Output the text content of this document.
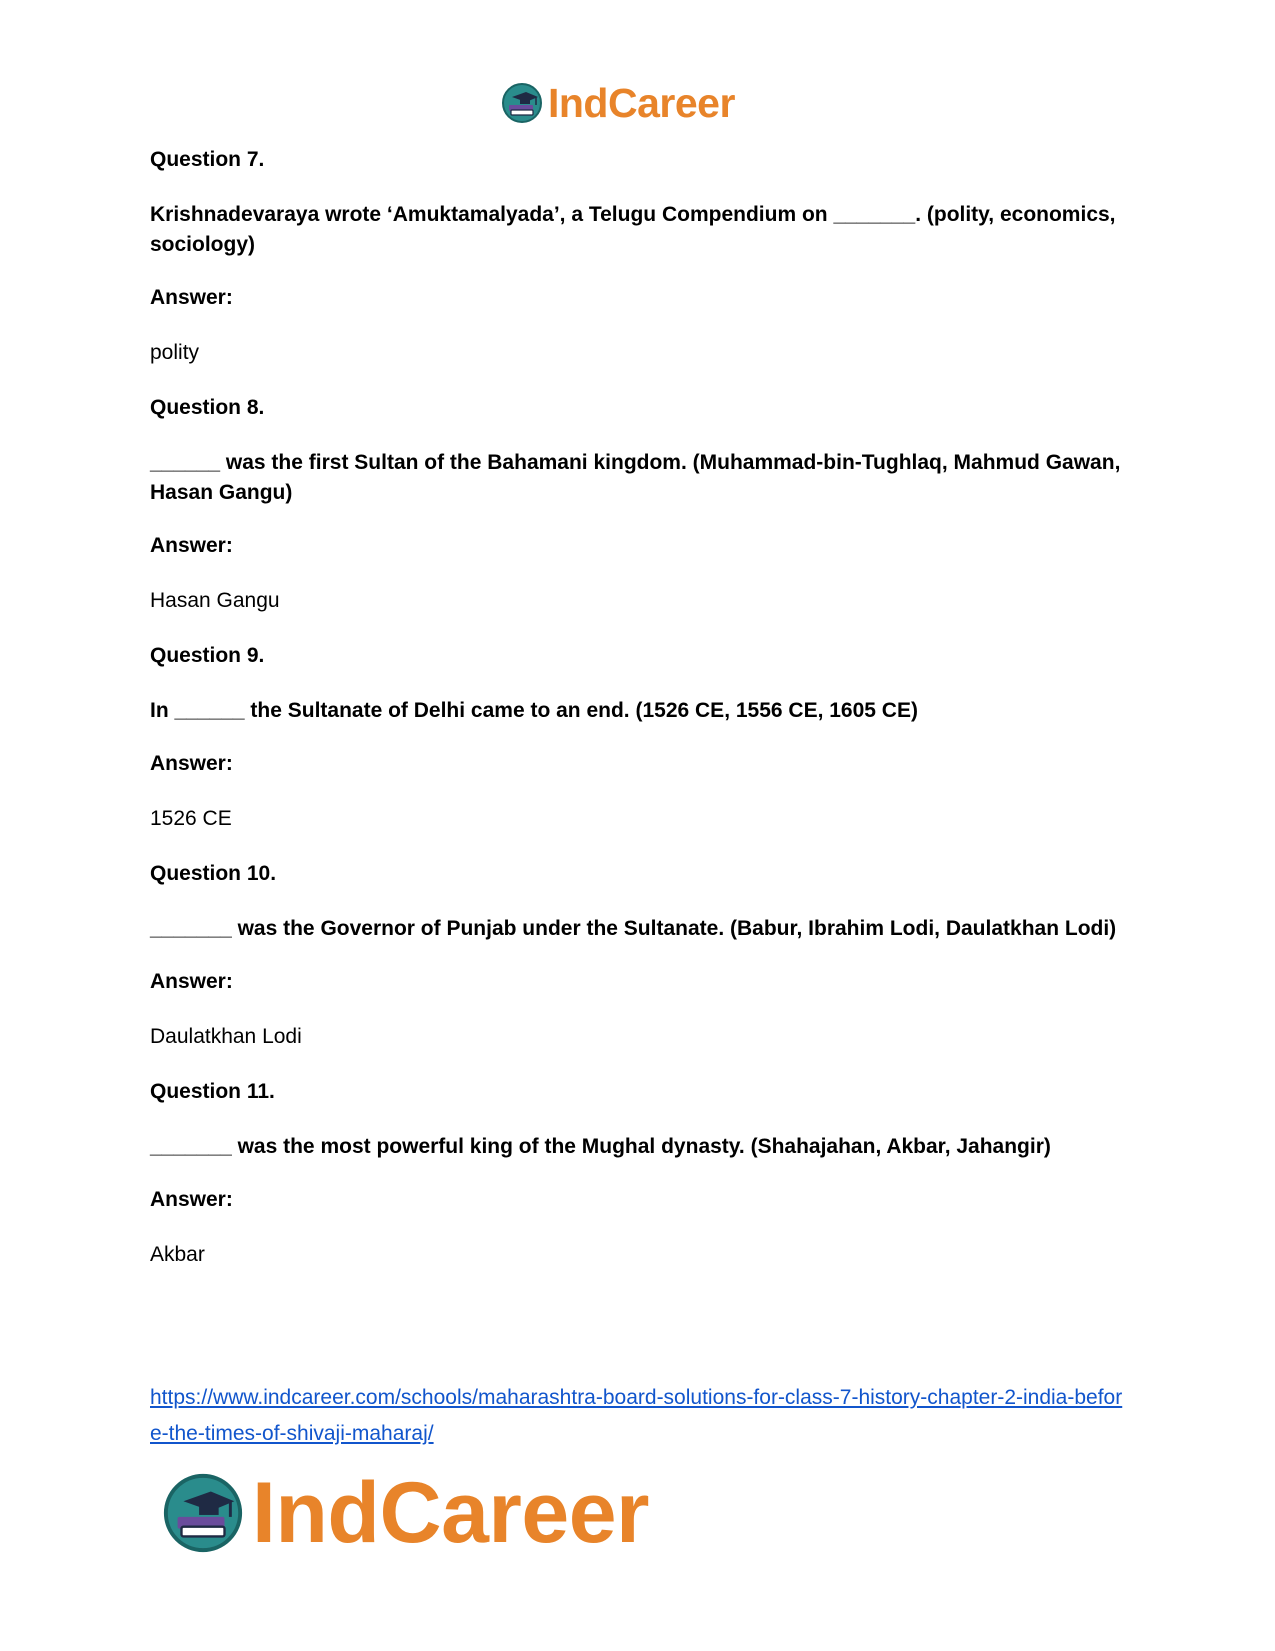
IndCareer
Question 7.
Krishnadevaraya wrote ‘Amuktamalyada’, a Telugu Compendium on _______. (polity, economics, sociology)
Answer:
polity
Question 8.
______ was the first Sultan of the Bahamani kingdom. (Muhammad-bin-Tughlaq, Mahmud Gawan, Hasan Gangu)
Answer:
Hasan Gangu
Question 9.
In ______ the Sultanate of Delhi came to an end. (1526 CE, 1556 CE, 1605 CE)
Answer:
1526 CE
Question 10.
_______ was the Governor of Punjab under the Sultanate. (Babur, Ibrahim Lodi, Daulatkhan Lodi)
Answer:
Daulatkhan Lodi
Question 11.
_______ was the most powerful king of the Mughal dynasty. (Shahajahan, Akbar, Jahangir)
Answer:
Akbar
https://www.indcareer.com/schools/maharashtra-board-solutions-for-class-7-history-chapter-2-india-before-the-times-of-shivaji-maharaj/
IndCareer
